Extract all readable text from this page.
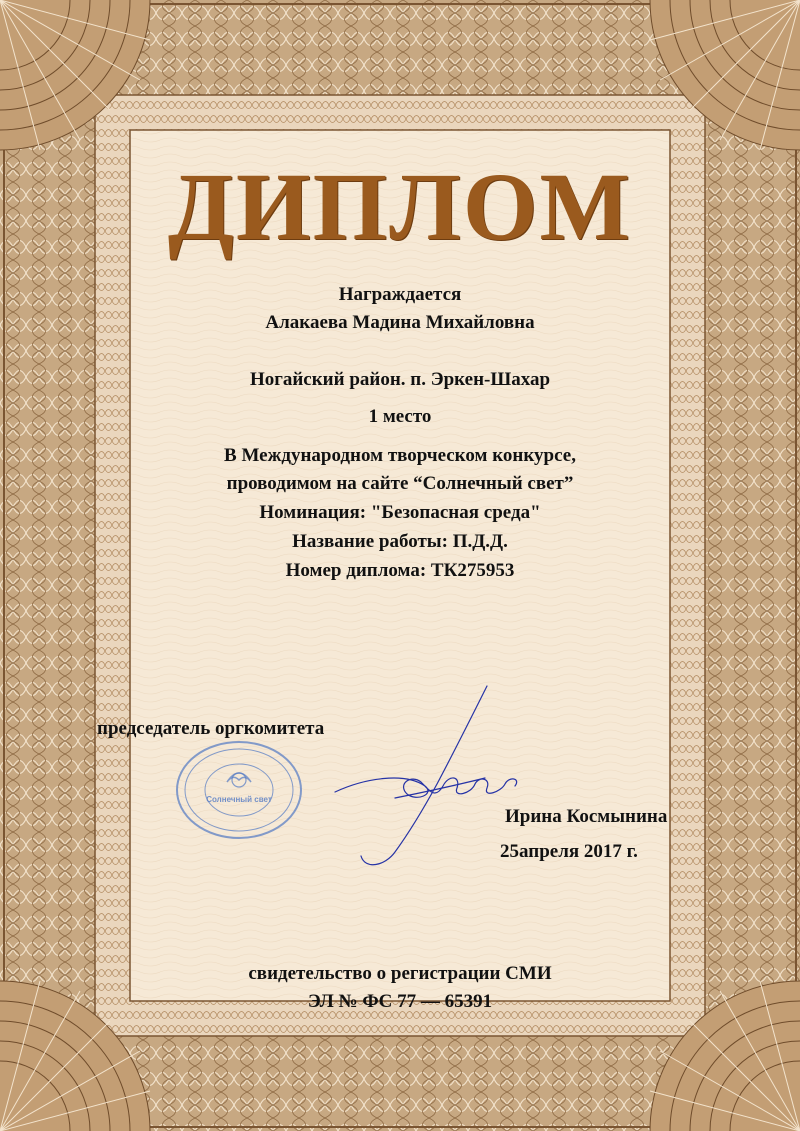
ДИПЛОМ

Награждается

Алакаева Мадина Михайловна

Ногайский район. п. Эркен-Шахар

1 место

В Международном творческом конкурсе,

проводимом на сайте “Солнечный свет”

Номинация: "Безопасная среда"

Название работы: П.Д.Д.

Номер диплома: ТК275953

Солнечный свет

председатель оргкомитета

Ирина Космынина

25апреля 2017 г.

свидетельство о регистрации СМИ

ЭЛ № ФС 77 — 65391
